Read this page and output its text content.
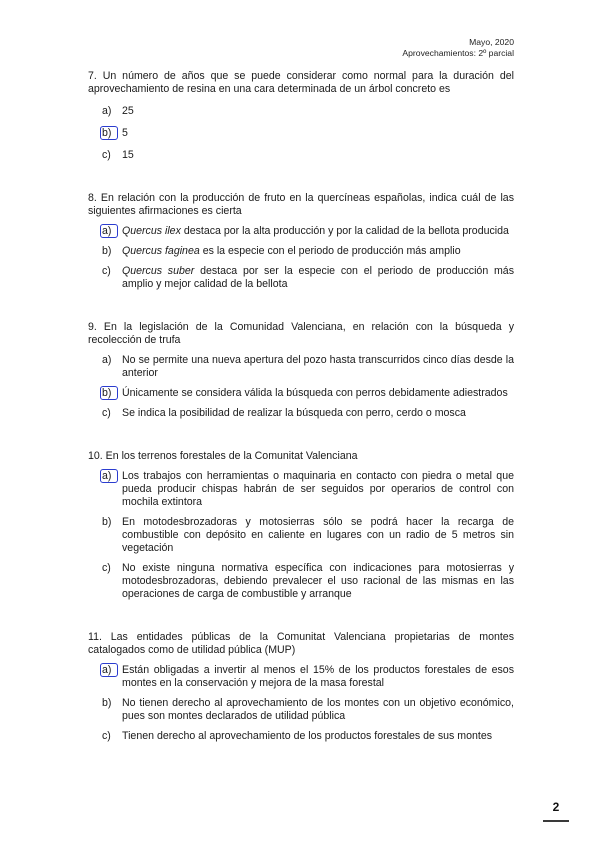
Mayo, 2020
Aprovechamientos: 2º parcial

7. Un número de años que se puede considerar como normal para la duración del aprovechamiento de resina en una cara determinada de un árbol concreto es

a) 25
b) 5
c)	15

8. En relación con la producción de fruto en la quercíneas españolas, indica cuál de las siguientes afirmaciones es cierta

a) Quercus ilex destaca por la alta producción y por la calidad de la bellota producida
b) Quercus faginea es la especie con el periodo de producción más amplio
c)	Quercus suber destaca por ser la especie con el periodo de producción más amplio y mejor calidad de la bellota

9. En la legislación de la Comunidad Valenciana, en relación con la búsqueda y recolección de trufa

a) No se permite una nueva apertura del pozo hasta transcurridos cinco días desde la anterior
b) Únicamente se considera válida la búsqueda con perros debidamente adiestrados
c)	Se indica la posibilidad de realizar la búsqueda con perro, cerdo o mosca

10. En los terrenos forestales de la Comunitat Valenciana

a) Los trabajos con herramientas o maquinaria en contacto con piedra o metal que pueda producir chispas habrán de ser seguidos por operarios de control con mochila extintora
b) En motodesbrozadoras y motosierras sólo se podrá hacer la recarga de combustible con depósito en caliente en lugares con un radio de 5 metros sin vegetación
c)	No existe ninguna normativa específica con indicaciones para motosierras y motodesbrozadoras, debiendo prevalecer el uso racional de las mismas en las operaciones de carga de combustible y arranque

11. Las entidades públicas de la Comunitat Valenciana propietarias de montes catalogados como de utilidad pública (MUP)

a) Están obligadas a invertir al menos el 15% de los productos forestales de esos montes en la conservación y mejora de la masa forestal
b) No tienen derecho al aprovechamiento de los montes con un objetivo económico, pues son montes declarados de utilidad pública
c)	Tienen derecho al aprovechamiento de los productos forestales de sus montes
2
